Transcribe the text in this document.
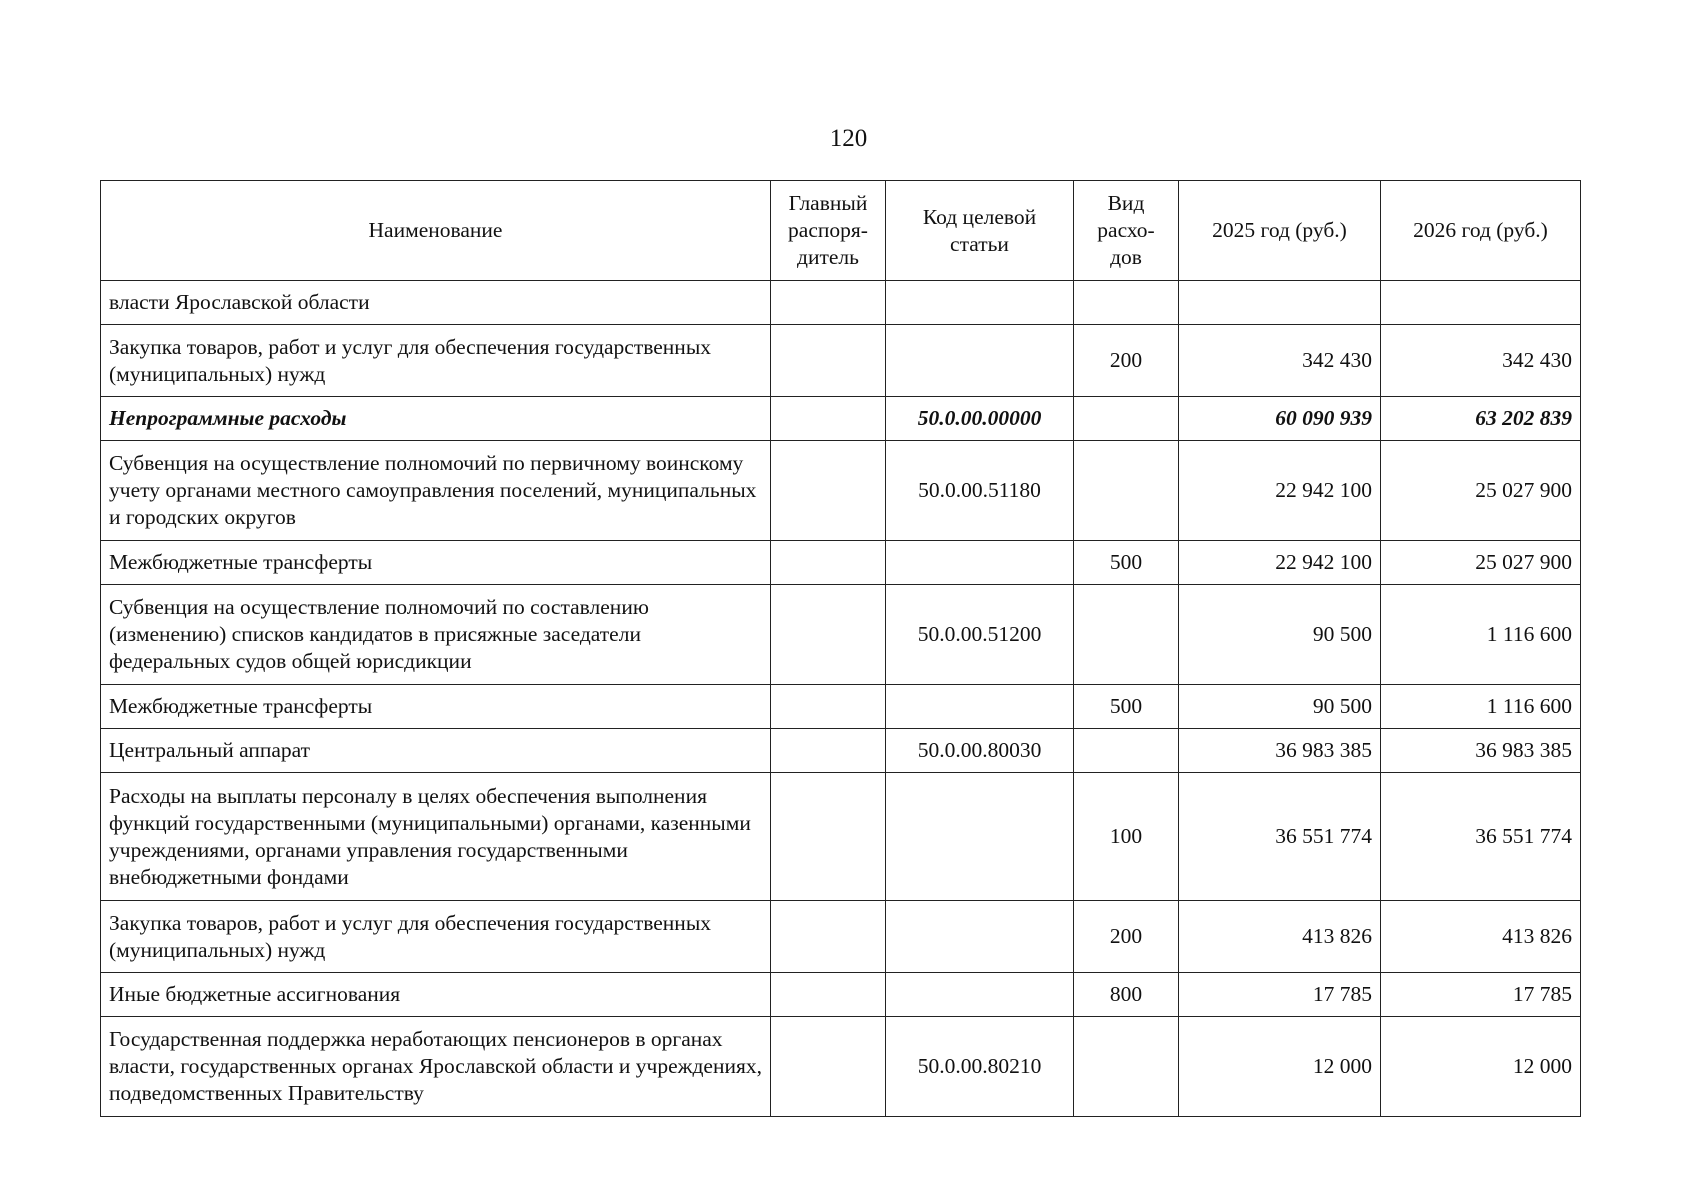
120
Наименование	Главный распоря-дитель	Код целевой статьи	Вид расхо-дов	2025 год (руб.)	2026 год (руб.)
власти Ярославской области					
Закупка товаров, работ и услуг для обеспечения государственных (муниципальных) нужд			200	342 430	342 430
Непрограммные расходы		50.0.00.00000		60 090 939	63 202 839
Субвенция на осуществление полномочий по первичному воинскому учету органами местного самоуправления поселений, муниципальных и городских округов		50.0.00.51180		22 942 100	25 027 900
Межбюджетные трансферты			500	22 942 100	25 027 900
Субвенция на осуществление полномочий по составлению (изменению) списков кандидатов в присяжные заседатели федеральных судов общей юрисдикции		50.0.00.51200		90 500	1 116 600
Межбюджетные трансферты			500	90 500	1 116 600
Центральный аппарат		50.0.00.80030		36 983 385	36 983 385
Расходы на выплаты персоналу в целях обеспечения выполнения функций государственными (муниципальными) органами, казенными учреждениями, органами управления государственными внебюджетными фондами			100	36 551 774	36 551 774
Закупка товаров, работ и услуг для обеспечения государственных (муниципальных) нужд			200	413 826	413 826
Иные бюджетные ассигнования			800	17 785	17 785
Государственная поддержка неработающих пенсионеров в органах власти, государственных органах Ярославской области и учреждениях, подведомственных Правительству		50.0.00.80210		12 000	12 000
